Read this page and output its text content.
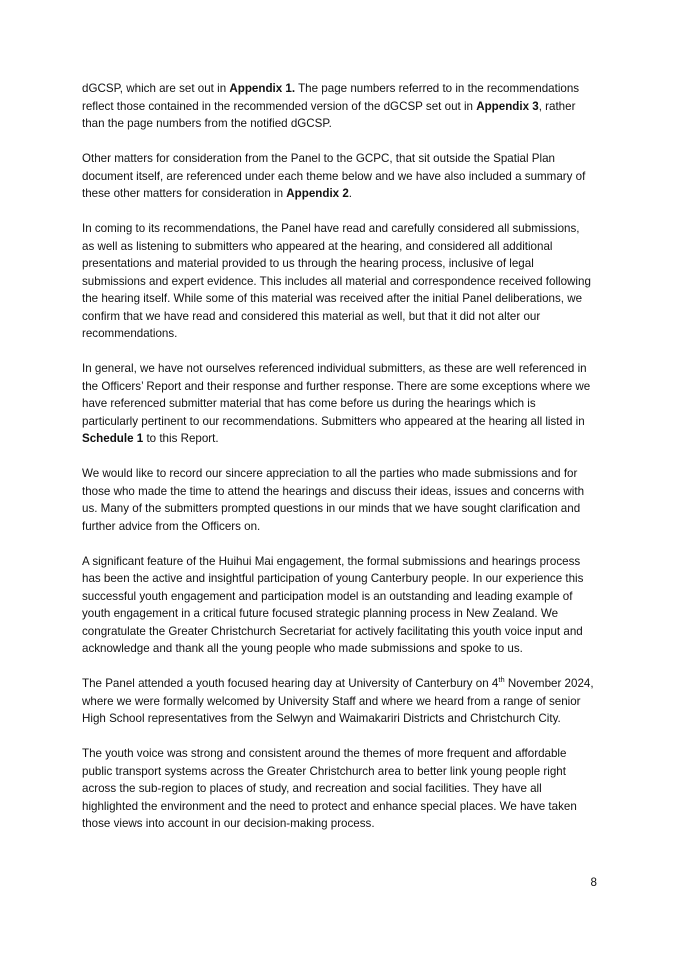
dGCSP, which are set out in Appendix 1. The page numbers referred to in the recommendations reflect those contained in the recommended version of the dGCSP set out in Appendix 3, rather than the page numbers from the notified dGCSP.

Other matters for consideration from the Panel to the GCPC, that sit outside the Spatial Plan document itself, are referenced under each theme below and we have also included a summary of these other matters for consideration in Appendix 2.

In coming to its recommendations, the Panel have read and carefully considered all submissions, as well as listening to submitters who appeared at the hearing, and considered all additional presentations and material provided to us through the hearing process, inclusive of legal submissions and expert evidence. This includes all material and correspondence received following the hearing itself. While some of this material was received after the initial Panel deliberations, we confirm that we have read and considered this material as well, but that it did not alter our recommendations.

In general, we have not ourselves referenced individual submitters, as these are well referenced in the Officers’ Report and their response and further response. There are some exceptions where we have referenced submitter material that has come before us during the hearings which is particularly pertinent to our recommendations. Submitters who appeared at the hearing all listed in Schedule 1 to this Report.

We would like to record our sincere appreciation to all the parties who made submissions and for those who made the time to attend the hearings and discuss their ideas, issues and concerns with us. Many of the submitters prompted questions in our minds that we have sought clarification and further advice from the Officers on.

A significant feature of the Huihui Mai engagement, the formal submissions and hearings process has been the active and insightful participation of young Canterbury people. In our experience this successful youth engagement and participation model is an outstanding and leading example of youth engagement in a critical future focused strategic planning process in New Zealand. We congratulate the Greater Christchurch Secretariat for actively facilitating this youth voice input and acknowledge and thank all the young people who made submissions and spoke to us.

The Panel attended a youth focused hearing day at University of Canterbury on 4th November 2024, where we were formally welcomed by University Staff and where we heard from a range of senior High School representatives from the Selwyn and Waimakariri Districts and Christchurch City.

The youth voice was strong and consistent around the themes of more frequent and affordable public transport systems across the Greater Christchurch area to better link young people right across the sub-region to places of study, and recreation and social facilities. They have all highlighted the environment and the need to protect and enhance special places. We have taken those views into account in our decision-making process.

8
